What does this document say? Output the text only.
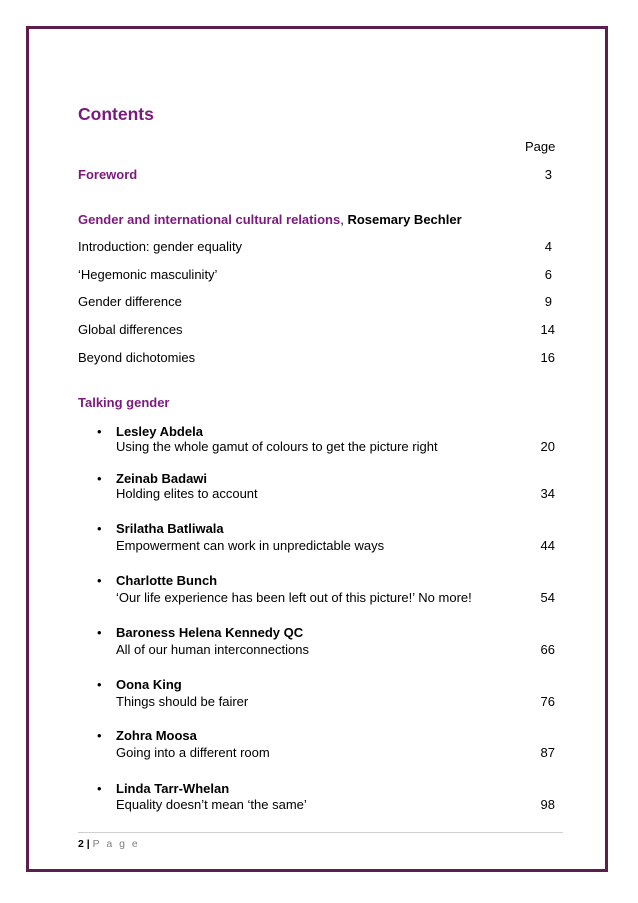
Contents
Page
Foreword	3
Gender and international cultural relations, Rosemary Bechler
Introduction: gender equality	4
‘Hegemonic masculinity’	6
Gender difference	9
Global differences	14
Beyond dichotomies	16
Talking gender
• Lesley Abdela
Using the whole gamut of colours to get the picture right	20
• Zeinab Badawi
Holding elites to account	34
• Srilatha Batliwala
Empowerment can work in unpredictable ways	44
• Charlotte Bunch
‘Our life experience has been left out of this picture!’ No more!	54
• Baroness Helena Kennedy QC
All of our human interconnections	66
• Oona King
Things should be fairer	76
• Zohra Moosa
Going into a different room	87
• Linda Tarr-Whelan
Equality doesn’t mean ‘the same’	98
2 | P a g e
